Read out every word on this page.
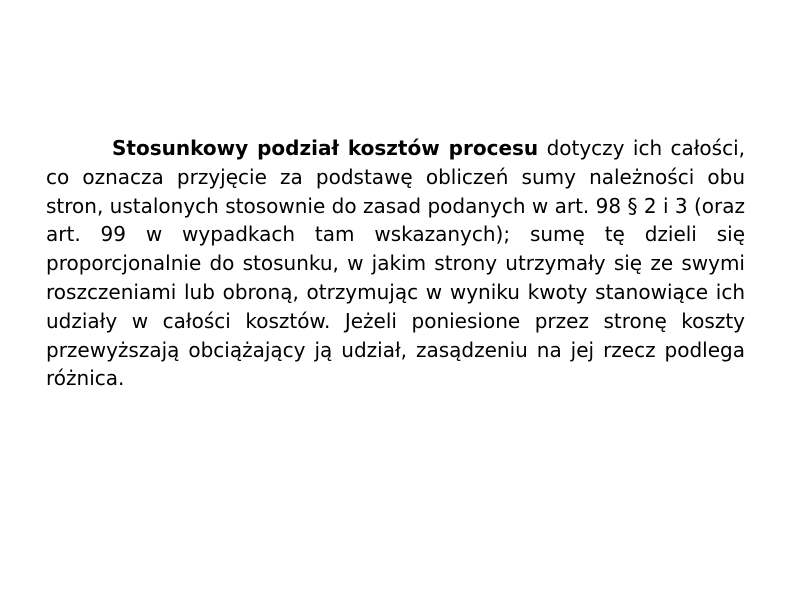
Stosunkowy podział kosztów procesu dotyczy ich całości, co oznacza przyjęcie za podstawę obliczeń sumy należności obu stron, ustalonych stosownie do zasad podanych w art. 98 § 2 i 3 (oraz art. 99 w wypadkach tam wskazanych); sumę tę dzieli się proporcjonalnie do stosunku, w jakim strony utrzymały się ze swymi roszczeniami lub obroną, otrzymując w wyniku kwoty stanowiące ich udziały w całości kosztów. Jeżeli poniesione przez stronę koszty przewyższają obciążający ją udział, zasądzeniu na jej rzecz podlega różnica.
